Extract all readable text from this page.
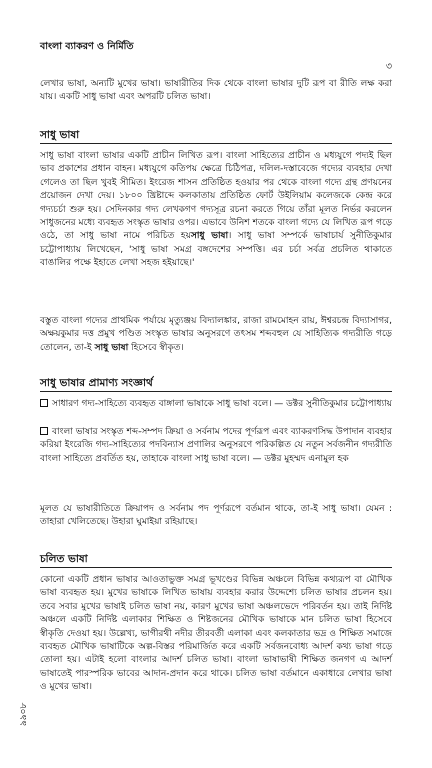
বাংলা ব্যাকরণ ও নির্মিতি
৩

লেখার ভাষা, অন্যটি মুখের ভাষা। ভাষারীতির দিক থেকে বাংলা ভাষার দুটি রূপ বা রীতি লক্ষ করা যায়। একটি সাধু ভাষা এবং অপরটি চলিত ভাষা।

সাধু ভাষা

সাধু ভাষা বাংলা ভাষার একটি প্রাচীন লিখিত রূপ। বাংলা সাহিত্যের প্রাচীন ও মধ্যযুগে পদ্যই ছিল ভাব প্রকাশের প্রধান বাহন। মধ্যযুগে কতিপয় ক্ষেত্রে চিঠিপত্র, দলিল-দস্তাবেজে গদ্যের ব্যবহার দেখা গেলেও তা ছিল খুবই সীমিত। ইংরেজ শাসন প্রতিষ্ঠিত হওয়ার পর থেকে বাংলা গদ্যে গ্রন্থ প্রণয়নের প্রয়োজন দেখা দেয়। ১৮০০ খ্রিষ্টাব্দে কলকাতায় প্রতিষ্ঠিত ফোর্ট উইলিয়াম কলেজকে কেন্দ্র করে গদ্যচর্চা শুরু হয়। সেদিনকার গদ্য লেখকগণ গদ্যসূত্র রচনা করতে গিয়ে তাঁরা মূলত নির্ভর করলেন সাধুজনের মধ্যে ব্যবহৃত সংস্কৃত ভাষার ওপর। এভাবে উনিশ শতকে বাংলা গদ্যে যে লিখিত রূপ গড়ে ওঠে, তা সাধু ভাষা নামে পরিচিত হয়সাধু ভাষা। সাধু ভাষা সম্পর্কে ভাষাচার্য সুনীতিকুমার চট্টোপাধ্যায় লিখেছেন, 'সাধু ভাষা সমগ্র বঙ্গদেশের সম্পত্তি। এর চর্চা সর্বত্র প্রচলিত থাকাতে বাঙালির পক্ষে ইহাতে লেখা সহজ হইয়াছে।'

বস্তুত বাংলা গদ্যের প্রাথমিক পর্যায়ে মৃত্যুঞ্জয় বিদ্যালঙ্কার, রাজা রামমোহন রায়, ঈশ্বরচন্দ্র বিদ্যাসাগর, অক্ষয়কুমার দত্ত প্রমুখ পণ্ডিত সংস্কৃত ভাষার অনুসরণে তৎসম শব্দবহুল যে সাহিত্যিক গদ্যরীতি গড়ে তোলেন, তা-ই সাধু ভাষা হিসেবে স্বীকৃত।

সাধু ভাষার প্রামাণ্য সংজ্ঞার্থ
সাধারণ গদ্য-সাহিত্যে ব্যবহৃত বাঙ্গালা ভাষাকে সাধু ভাষা বলে। — ডক্টর সুনীতিকুমার চট্টোপাধ্যায়
বাংলা ভাষার সংস্কৃত শব্দ-সম্পদ ক্রিয়া ও সর্বনাম পদের পূর্ণরূপ এবং ব্যাকরণসিদ্ধ উপাদান ব্যবহার করিয়া ইংরেজি গদ্য-সাহিত্যের পদবিন্যাস প্রণালির অনুসরণে পরিকল্পিত যে নতুন সর্বজনীন গদ্যরীতি বাংলা সাহিত্যে প্রবর্তিত হয়, তাহাকে বাংলা সাধু ভাষা বলে। — ডক্টর মুহম্মদ এনামুল হক

মূলত যে ভাষারীতিতে ক্রিয়াপদ ও সর্বনাম পদ পূর্ণরূপে বর্তমান থাকে, তা-ই সাধু ভাষা। যেমন : তাহারা খেলিতেছে। উহারা ঘুমাইয়া রহিয়াছে।

চলিত ভাষা

কোনো একটি প্রধান ভাষার আওতাভুক্ত সমগ্র ভূখণ্ডের বিভিন্ন অঞ্চলে বিভিন্ন কথ্যরূপ বা মৌখিক ভাষা ব্যবহৃত হয়। মুখের ভাষাকে লিখিত ভাষায় ব্যবহার করার উদ্দেশ্যে চলিত ভাষার প্রচলন হয়। তবে সবার মুখের ভাষাই চলিত ভাষা নয়, কারণ মুখের ভাষা অঞ্চলভেদে পরিবর্তন হয়। তাই নির্দিষ্ট অঞ্চলে একটি নির্দিষ্ট এলাকার শিক্ষিত ও শিষ্টজনের মৌখিক ভাষাকে মান চলিত ভাষা হিসেবে স্বীকৃতি দেওয়া হয়। উল্লেখ্য, ভাগীরথী নদীর তীরবর্তী এলাকা এবং কলকাতার ভদ্র ও শিক্ষিত সমাজে ব্যবহৃত মৌখিক ভাষাটিকে অল্প-বিস্তর পরিমার্জিত করে একটি সর্বজনবোধ্য আদর্শ কথ্য ভাষা গড়ে তোলা হয়। এটাই হলো বাংলার আদর্শ চলিত ভাষা। বাংলা ভাষাভাষী শিক্ষিত জনগণ এ আদর্শ ভাষাতেই পারস্পরিক ভাবের আদান-প্রদান করে থাকে। চলিত ভাষা বর্তমানে একাধারে লেখার ভাষা ও মুখের ভাষা।

৯৯০৮
